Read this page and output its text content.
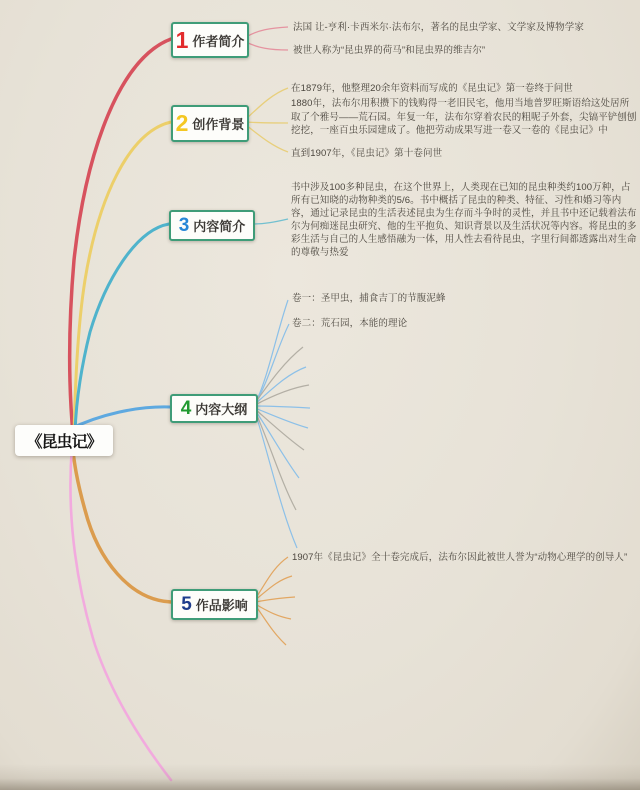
《昆虫记》
1 作者简介
2 创作背景
3 内容简介
4 内容大纲
5 作品影响
法国 让-亨利·卡西米尔·法布尔，著名的昆虫学家、文学家及博物学家
被世人称为“昆虫界的荷马”和昆虫界的维吉尔”
在1879年，他整理20余年资料而写成的《昆虫记》第一卷终于问世
1880年，法布尔用积攒下的钱购得一老旧民宅，他用当地普罗旺斯语给这处居所取了个雅号——荒石园。年复一年，法布尔穿着农民的粗呢子外套，尖镐平铲刨刨挖挖，一座百虫乐园建成了。他把劳动成果写进一卷又一卷的《昆虫记》中
直到1907年，《昆虫记》第十卷问世
书中涉及100多种昆虫，在这个世界上，人类现在已知的昆虫种类约100万种，占所有已知晓的动物种类的5/6。书中概括了昆虫的种类、特征、习性和婚习等内容，通过记录昆虫的生活表述昆虫为生存而斗争时的灵性，并且书中还记载着法布尔为何痴迷昆虫研究、他的生平抱负、知识背景以及生活状况等内容。将昆虫的多彩生活与自己的人生感悟融为一体，用人性去看待昆虫，字里行间都透露出对生命的尊敬与热爱
卷一：圣甲虫，捕食吉丁的节腹泥蜂
卷二：荒石园，本能的理论
1907年《昆虫记》全十卷完成后，法布尔因此被世人誉为“动物心理学的创导人”
